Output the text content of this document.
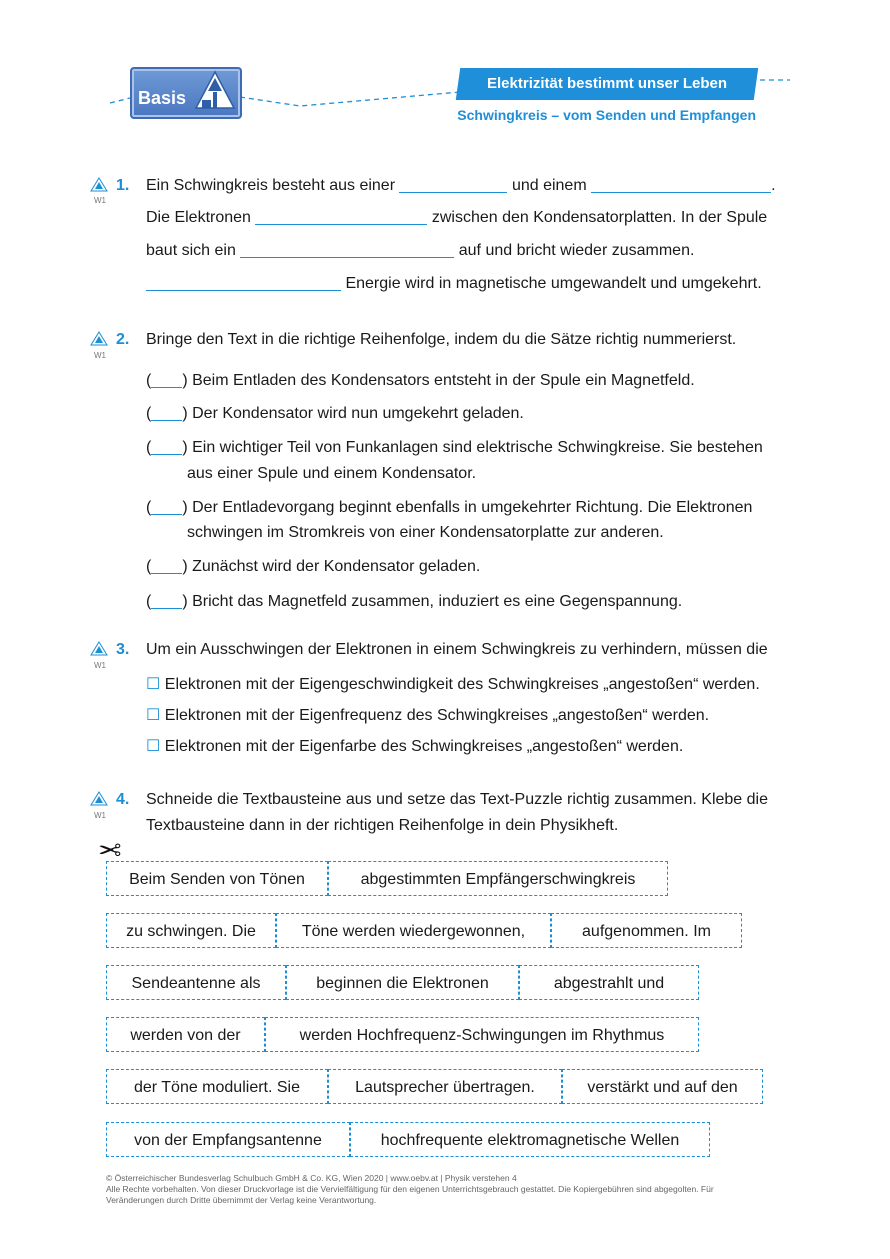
Basis
Elektrizität bestimmt unser Leben
Schwingkreis – vom Senden und Empfangen
W1
1. Ein Schwingkreis besteht aus einer	und einem	.
Die Elektronen	zwischen den Kondensatorplatten. In der Spule
baut sich ein	auf und bricht wieder zusammen.
Energie wird in magnetische umgewandelt und umgekehrt.
W1
2. Bringe den Text in die richtige Reihenfolge, indem du die Sätze richtig nummerierst.
( ) Beim Entladen des Kondensators entsteht in der Spule ein Magnetfeld.
( ) Der Kondensator wird nun umgekehrt geladen.
( ) Ein wichtiger Teil von Funkanlagen sind elektrische Schwingkreise. Sie bestehen
aus einer Spule und einem Kondensator.
( ) Der Entladevorgang beginnt ebenfalls in umgekehrter Richtung. Die Elektronen
schwingen im Stromkreis von einer Kondensatorplatte zur anderen.
( ) Zunächst wird der Kondensator geladen.
( ) Bricht das Magnetfeld zusammen, induziert es eine Gegenspannung.
W1
3. Um ein Ausschwingen der Elektronen in einem Schwingkreis zu verhindern, müssen die
☐ Elektronen mit der Eigengeschwindigkeit des Schwingkreises „angestoßen“ werden.
☐ Elektronen mit der Eigenfrequenz des Schwingkreises „angestoßen“ werden.
☐ Elektronen mit der Eigenfarbe des Schwingkreises „angestoßen“ werden.
W1
4. Schneide die Textbausteine aus und setze das Text-Puzzle richtig zusammen. Klebe die
Textbausteine dann in der richtigen Reihenfolge in dein Physikheft.
✂
Beim Senden von Tönen	abgestimmten Empfängerschwingkreis
zu schwingen. Die	Töne werden wiedergewonnen,	aufgenommen. Im
Sendeantenne als	beginnen die Elektronen	abgestrahlt und
werden von der	werden Hochfrequenz-Schwingungen im Rhythmus
der Töne moduliert. Sie	Lautsprecher übertragen.	verstärkt und auf den
von der Empfangsantenne	hochfrequente elektromagnetische Wellen
© Österreichischer Bundesverlag Schulbuch GmbH & Co. KG, Wien 2020 | www.oebv.at | Physik verstehen 4
Alle Rechte vorbehalten. Von dieser Druckvorlage ist die Vervielfältigung für den eigenen Unterrichtsgebrauch gestattet. Die Kopiergebühren sind abgegolten. Für
Veränderungen durch Dritte übernimmt der Verlag keine Verantwortung.
